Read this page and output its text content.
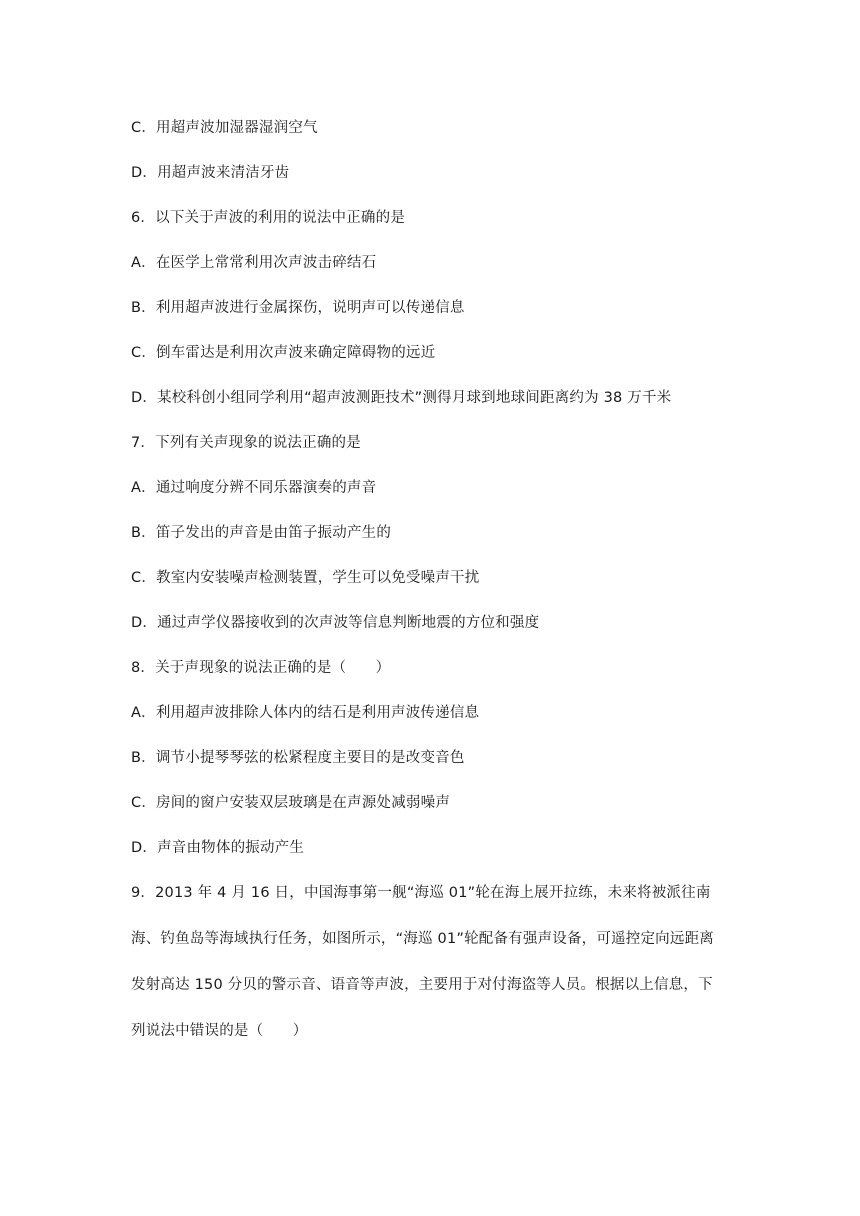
C．用超声波加湿器湿润空气
D．用超声波来清洁牙齿
6．以下关于声波的利用的说法中正确的是
A．在医学上常常利用次声波击碎结石
B．利用超声波进行金属探伤，说明声可以传递信息
C．倒车雷达是利用次声波来确定障碍物的远近
D．某校科创小组同学利用“超声波测距技术”测得月球到地球间距离约为 38 万千米
7．下列有关声现象的说法正确的是
A．通过响度分辨不同乐器演奏的声音
B．笛子发出的声音是由笛子振动产生的
C．教室内安装噪声检测装置，学生可以免受噪声干扰
D．通过声学仪器接收到的次声波等信息判断地震的方位和强度
8．关于声现象的说法正确的是（　　）
A．利用超声波排除人体内的结石是利用声波传递信息
B．调节小提琴琴弦的松紧程度主要目的是改变音色
C．房间的窗户安装双层玻璃是在声源处减弱噪声
D．声音由物体的振动产生
9．2013 年 4 月 16 日，中国海事第一舰“海巡 01”轮在海上展开拉练，未来将被派往南
海、钓鱼岛等海域执行任务，如图所示，“海巡 01”轮配备有强声设备，可遥控定向远距离
发射高达 150 分贝的警示音、语音等声波，主要用于对付海盗等人员。根据以上信息，下
列说法中错误的是（　　）
